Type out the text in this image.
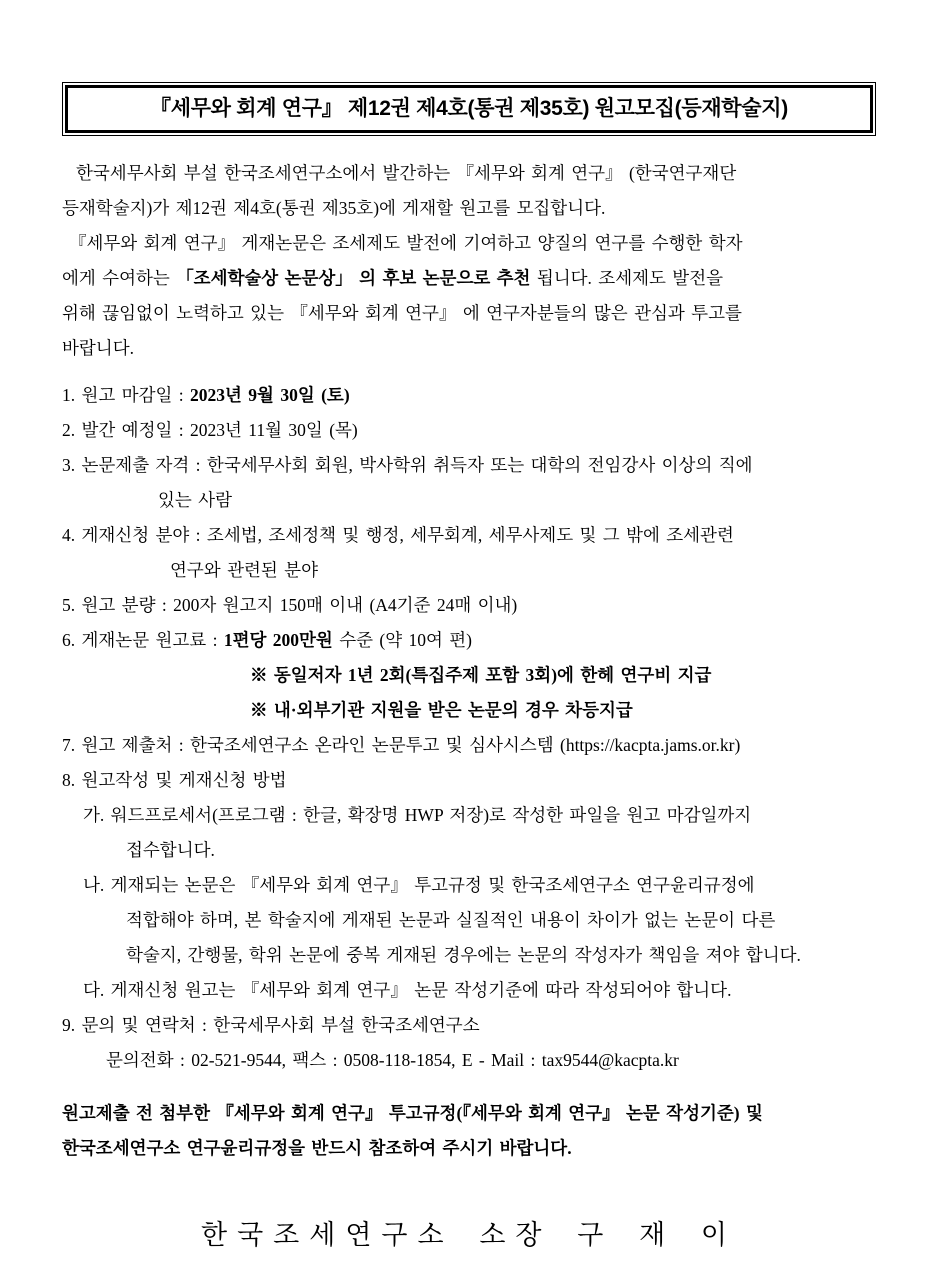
『세무와 회계 연구』 제12권 제4호(통권 제35호) 원고모집(등재학술지)
한국세무사회 부설 한국조세연구소에서 발간하는 『세무와 회계 연구』 (한국연구재단
등재학술지)가 제12권 제4호(통권 제35호)에 게재할 원고를 모집합니다.
『세무와 회계 연구』 게재논문은 조세제도 발전에 기여하고 양질의 연구를 수행한 학자
에게 수여하는 「조세학술상 논문상」 의 후보 논문으로 추천 됩니다. 조세제도 발전을
위해 끊임없이 노력하고 있는 『세무와 회계 연구』 에 연구자분들의 많은 관심과 투고를
바랍니다.
1. 원고 마감일 : 2023년 9월 30일 (토)
2. 발간 예정일 : 2023년 11월 30일 (목)
3. 논문제출 자격 : 한국세무사회 회원, 박사학위 취득자 또는 대학의 전임강사 이상의 직에
있는 사람
4. 게재신청 분야 : 조세법, 조세정책 및 행정, 세무회계, 세무사제도 및 그 밖에 조세관련
연구와 관련된 분야
5. 원고 분량 : 200자 원고지 150매 이내 (A4기준 24매 이내)
6. 게재논문 원고료 : 1편당 200만원 수준 (약 10여 편)
※ 동일저자 1년 2회(특집주제 포함 3회)에 한헤 연구비 지급
※ 내·외부기관 지원을 받은 논문의 경우 차등지급
7. 원고 제출처 : 한국조세연구소 온라인 논문투고 및 심사시스템 (https://kacpta.jams.or.kr)
8. 원고작성 및 게재신청 방법
가. 워드프로세서(프로그램 : 한글, 확장명 HWP 저장)로 작성한 파일을 원고 마감일까지
접수합니다.
나. 게재되는 논문은 『세무와 회계 연구』 투고규정 및 한국조세연구소 연구윤리규정에
적합해야 하며, 본 학술지에 게재된 논문과 실질적인 내용이 차이가 없는 논문이 다른
학술지, 간행물, 학위 논문에 중복 게재된 경우에는 논문의 작성자가 책임을 져야 합니다.
다. 게재신청 원고는 『세무와 회계 연구』 논문 작성기준에 따라 작성되어야 합니다.
9. 문의 및 연락처 : 한국세무사회 부설 한국조세연구소
문의전화 : 02-521-9544, 팩스 : 0508-118-1854, E - Mail : tax9544@kacpta.kr
원고제출 전 첨부한 『세무와 회계 연구』 투고규정(『세무와 회계 연구』 논문 작성기준) 및
한국조세연구소 연구윤리규정을 반드시 참조하여 주시기 바랍니다.
한국조세연구소 소장 구 재 이
